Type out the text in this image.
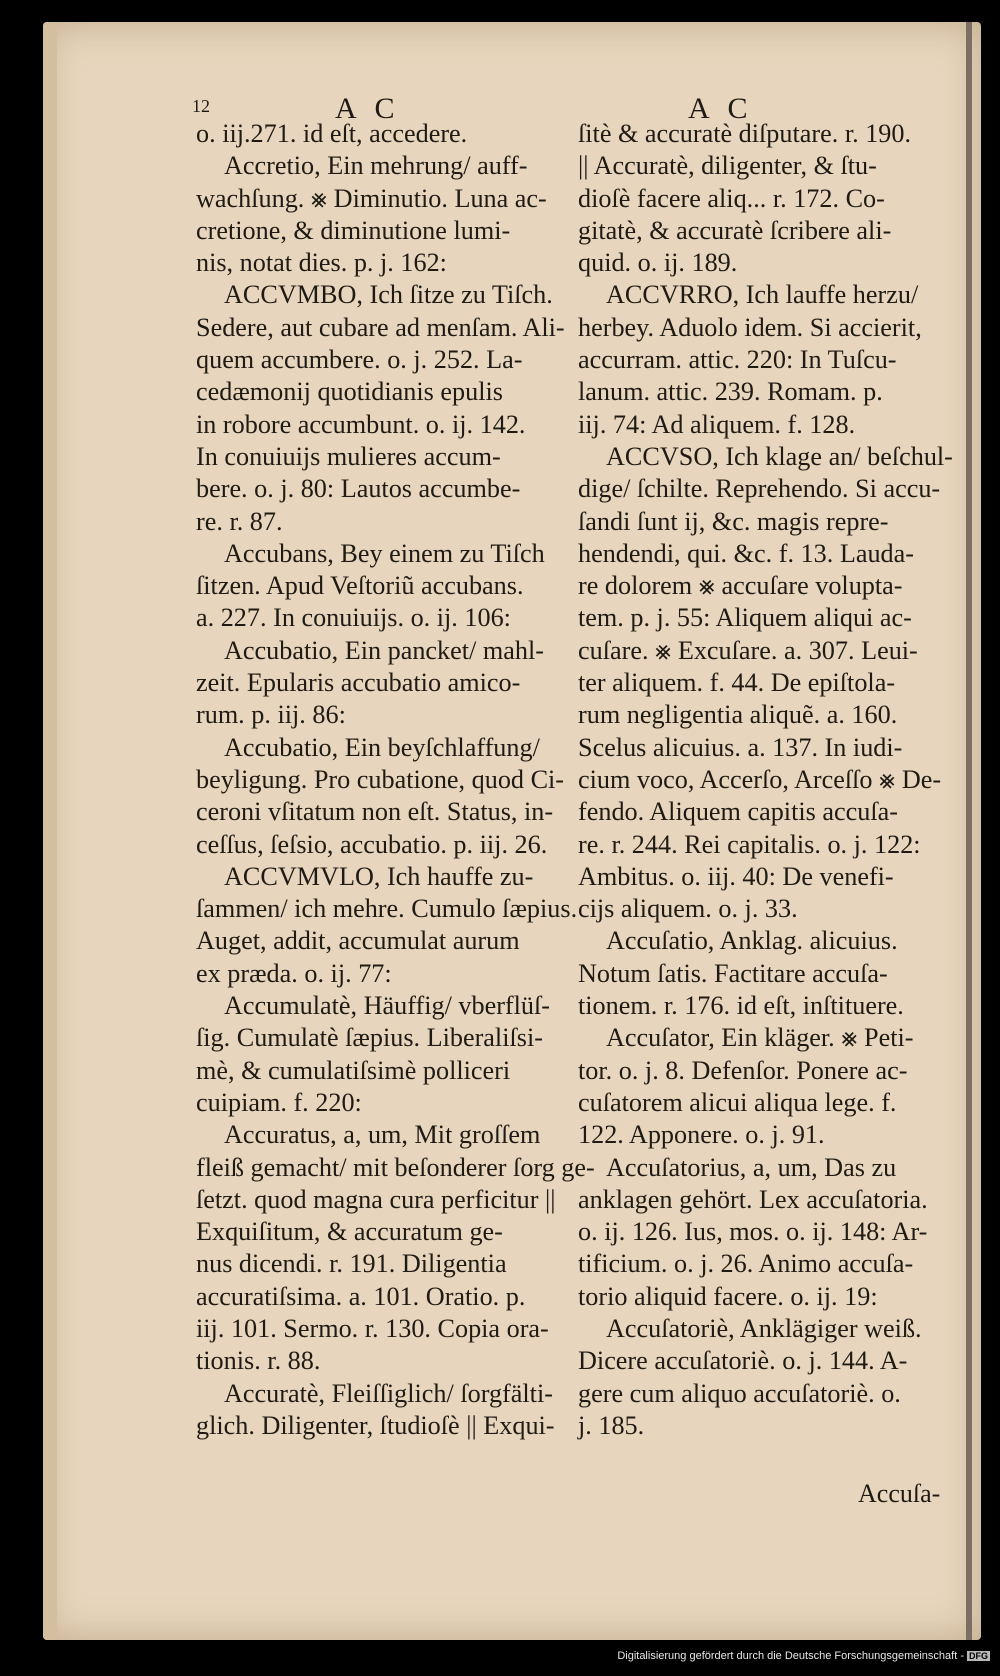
12	A C	A C
o. iij.271. id eſt, accedere.
Accretio, Ein mehrung/ auff-
wachſung. ⨳ Diminutio. Luna ac-
cretione, & diminutione lumi-
nis, notat dies. p. j. 162:
ACCVMBO, Ich ſitze zu Tiſch.
Sedere, aut cubare ad menſam. Ali-
quem accumbere. o. j. 252. La-
cedæmonij quotidianis epulis
in robore accumbunt. o. ij. 142.
In conuiuijs mulieres accum-
bere. o. j. 80: Lautos accumbe-
re. r. 87.
Accubans, Bey einem zu Tiſch
ſitzen. Apud Veſtoriũ accubans.
a. 227. In conuiuijs. o. ij. 106:
Accubatio, Ein pancket/ mahl-
zeit. Epularis accubatio amico-
rum. p. iij. 86:
Accubatio, Ein beyſchlaffung/
beyligung. Pro cubatione, quod Ci-
ceroni vſitatum non eſt. Status, in-
ceſſus, ſeſsio, accubatio. p. iij. 26.
ACCVMVLO, Ich hauffe zu-
ſammen/ ich mehre. Cumulo ſæpius.
Auget, addit, accumulat aurum
ex præda. o. ij. 77:
Accumulatè, Häuffig/ vberflüſ-
ſig. Cumulatè ſæpius. Liberaliſsi-
mè, & cumulatiſsimè polliceri
cuipiam. f. 220:
Accuratus, a, um, Mit groſſem
fleiß gemacht/ mit beſonderer ſorg ge-
ſetzt. quod magna cura perficitur ||
Exquiſitum, & accuratum ge-
nus dicendi. r. 191. Diligentia
accuratiſsima. a. 101. Oratio. p.
iij. 101. Sermo. r. 130. Copia ora-
tionis. r. 88.
Accuratè, Fleiſſiglich/ ſorgfälti-
glich. Diligenter, ſtudioſè || Exqui-
ſitè & accuratè diſputare. r. 190.
|| Accuratè, diligenter, & ſtu-
dioſè facere aliq... r. 172. Co-
gitatè, & accuratè ſcribere ali-
quid. o. ij. 189.
ACCVRRO, Ich lauffe herzu/
herbey. Aduolo idem. Si accierit,
accurram. attic. 220: In Tuſcu-
lanum. attic. 239. Romam. p.
iij. 74: Ad aliquem. f. 128.
ACCVSO, Ich klage an/ beſchul-
dige/ ſchilte. Reprehendo. Si accu-
ſandi ſunt ij, &c. magis repre-
hendendi, qui. &c. f. 13. Lauda-
re dolorem ⨳ accuſare volupta-
tem. p. j. 55: Aliquem aliqui ac-
cuſare. ⨳ Excuſare. a. 307. Leui-
ter aliquem. f. 44. De epiſtola-
rum negligentia aliquẽ. a. 160.
Scelus alicuius. a. 137. In iudi-
cium voco, Accerſo, Arceſſo ⨳ De-
fendo. Aliquem capitis accuſa-
re. r. 244. Rei capitalis. o. j. 122:
Ambitus. o. iij. 40: De venefi-
cijs aliquem. o. j. 33.
Accuſatio, Anklag. alicuius.
Notum ſatis. Factitare accuſa-
tionem. r. 176. id eſt, inſtituere.
Accuſator, Ein kläger. ⨳ Peti-
tor. o. j. 8. Defenſor. Ponere ac-
cuſatorem alicui aliqua lege. f.
122. Apponere. o. j. 91.
Accuſatorius, a, um, Das zu
anklagen gehört. Lex accuſatoria.
o. ij. 126. Ius, mos. o. ij. 148: Ar-
tificium. o. j. 26. Animo accuſa-
torio aliquid facere. o. ij. 19:
Accuſatoriè, Anklägiger weiß.
Dicere accuſatoriè. o. j. 144. A-
gere cum aliquo accuſatoriè. o.
j. 185.
Accuſa-
Digitalisierung gefördert durch die Deutsche Forschungsgemeinschaft - DFG
